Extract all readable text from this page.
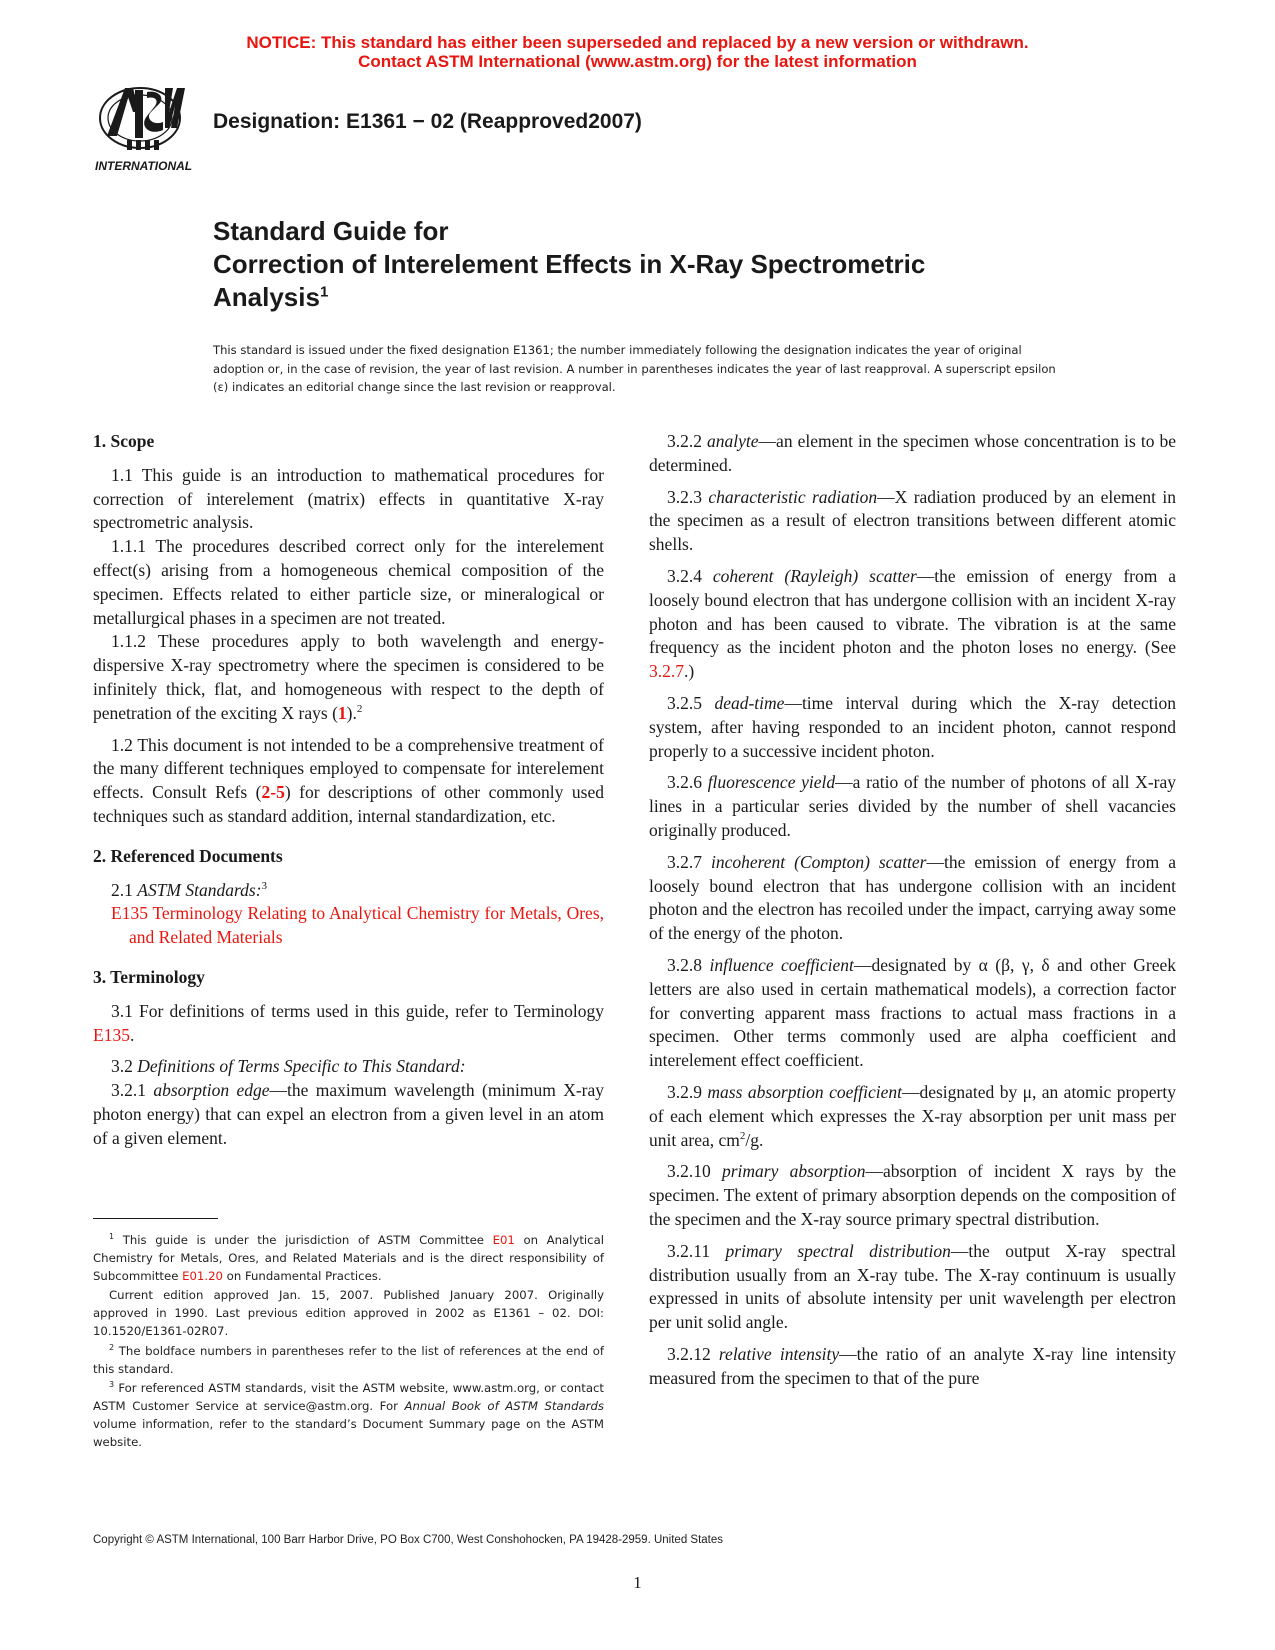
NOTICE: This standard has either been superseded and replaced by a new version or withdrawn.
Contact ASTM International (www.astm.org) for the latest information
INTERNATIONAL
Designation: E1361 − 02 (Reapproved2007)
Standard Guide for
Correction of Interelement Effects in X-Ray Spectrometric
Analysis$^1$
This standard is issued under the fixed designation E1361; the number immediately following the designation indicates the year of original adoption or, in the case of revision, the year of last revision. A number in parentheses indicates the year of last reapproval. A superscript epsilon (ε) indicates an editorial change since the last revision or reapproval.

1. Scope

1.1 This guide is an introduction to mathematical procedures for correction of interelement (matrix) effects in quantitative X-ray spectrometric analysis.

1.1.1 The procedures described correct only for the interelement effect(s) arising from a homogeneous chemical composition of the specimen. Effects related to either particle size, or mineralogical or metallurgical phases in a specimen are not treated.

1.1.2 These procedures apply to both wavelength and energy-dispersive X-ray spectrometry where the specimen is considered to be infinitely thick, flat, and homogeneous with respect to the depth of penetration of the exciting X rays (1).$^2$

1.2 This document is not intended to be a comprehensive treatment of the many different techniques employed to compensate for interelement effects. Consult Refs (2-5) for descriptions of other commonly used techniques such as standard addition, internal standardization, etc.

2. Referenced Documents

2.1 ASTM Standards:$^3$

E135 Terminology Relating to Analytical Chemistry for Metals, Ores, and Related Materials

3. Terminology

3.1 For definitions of terms used in this guide, refer to Terminology E135.

3.2 Definitions of Terms Specific to This Standard:

3.2.1 absorption edge—the maximum wavelength (minimum X-ray photon energy) that can expel an electron from a given level in an atom of a given element.

$^1$ This guide is under the jurisdiction of ASTM Committee E01 on Analytical Chemistry for Metals, Ores, and Related Materials and is the direct responsibility of Subcommittee E01.20 on Fundamental Practices.

Current edition approved Jan. 15, 2007. Published January 2007. Originally approved in 1990. Last previous edition approved in 2002 as E1361 – 02. DOI: 10.1520/E1361-02R07.

$^2$ The boldface numbers in parentheses refer to the list of references at the end of this standard.

$^3$ For referenced ASTM standards, visit the ASTM website, www.astm.org, or contact ASTM Customer Service at service@astm.org. For Annual Book of ASTM Standards volume information, refer to the standard’s Document Summary page on the ASTM website.

3.2.2 analyte—an element in the specimen whose concentration is to be determined.

3.2.3 characteristic radiation—X radiation produced by an element in the specimen as a result of electron transitions between different atomic shells.

3.2.4 coherent (Rayleigh) scatter—the emission of energy from a loosely bound electron that has undergone collision with an incident X-ray photon and has been caused to vibrate. The vibration is at the same frequency as the incident photon and the photon loses no energy. (See 3.2.7.)

3.2.5 dead-time—time interval during which the X-ray detection system, after having responded to an incident photon, cannot respond properly to a successive incident photon.

3.2.6 fluorescence yield—a ratio of the number of photons of all X-ray lines in a particular series divided by the number of shell vacancies originally produced.

3.2.7 incoherent (Compton) scatter—the emission of energy from a loosely bound electron that has undergone collision with an incident photon and the electron has recoiled under the impact, carrying away some of the energy of the photon.

3.2.8 influence coefficient—designated by α (β, γ, δ and other Greek letters are also used in certain mathematical models), a correction factor for converting apparent mass fractions to actual mass fractions in a specimen. Other terms commonly used are alpha coefficient and interelement effect coefficient.

3.2.9 mass absorption coefficient—designated by μ, an atomic property of each element which expresses the X-ray absorption per unit mass per unit area, $cm^2/g$.

3.2.10 primary absorption—absorption of incident X rays by the specimen. The extent of primary absorption depends on the composition of the specimen and the X-ray source primary spectral distribution.

3.2.11 primary spectral distribution—the output X-ray spectral distribution usually from an X-ray tube. The X-ray continuum is usually expressed in units of absolute intensity per unit wavelength per electron per unit solid angle.

3.2.12 relative intensity—the ratio of an analyte X-ray line intensity measured from the specimen to that of the pure

Copyright © ASTM International, 100 Barr Harbor Drive, PO Box C700, West Conshohocken, PA 19428-2959. United States
1
